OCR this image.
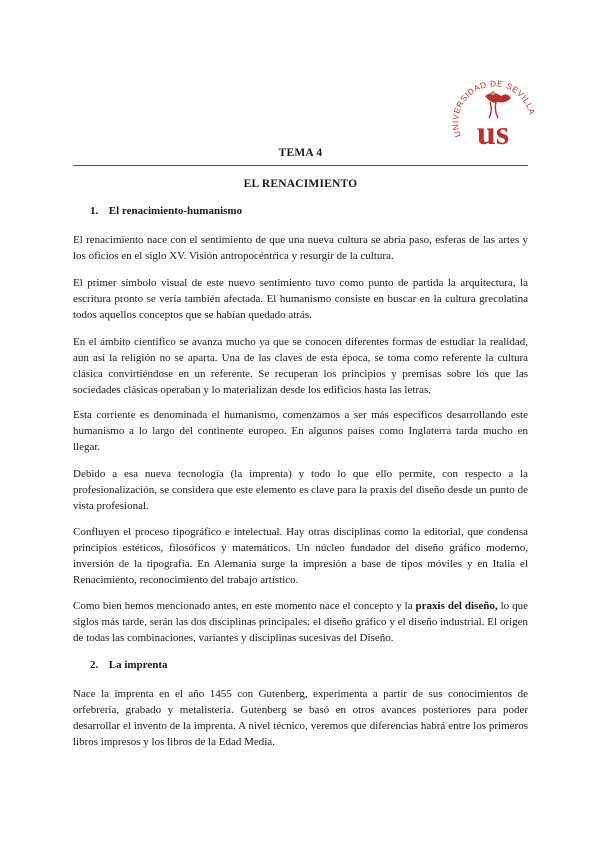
UNIVERSIDAD DE SEVILLA
us
TEMA 4
EL RENACIMIENTO
1. El renacimiento-humanismo

El renacimiento nace con el sentimiento de que una nueva cultura se abría paso, esferas de las artes y los oficios en el siglo XV. Visión antropocéntrica y resurgir de la cultura.

El primer símbolo visual de este nuevo sentimiento tuvo como punto de partida la arquitectura, la escritura pronto se vería también afectada. El humanismo consiste en buscar en la cultura grecolatina todos aquellos conceptos que se habían quedado atrás.

En el ámbito científico se avanza mucho ya que se conocen diferentes formas de estudiar la realidad, aun así la religión no se aparta. Una de las claves de esta época, se toma como referente la cultura clásica convirtiéndose en un referente. Se recuperan los principios y premisas sobre los que las sociedades clásicas operaban y lo materializan desde los edificios hasta las letras.

Esta corriente es denominada el humanismo, comenzamos a ser más específicos desarrollando este humanismo a lo largo del continente europeo. En algunos países como Inglaterra tarda mucho en llegar.

Debido a esa nueva tecnología (la imprenta) y todo lo que ello permite, con respecto a la profesionalización, se considera que este elemento es clave para la praxis del diseño desde un punto de vista profesional.

Confluyen el proceso tipográfico e intelectual. Hay otras disciplinas como la editorial, que condensa principios estéticos, filosóficos y matemáticos. Un núcleo fundador del diseño gráfico moderno, inversión de la tipografía. En Alemania surge la impresión a base de tipos móviles y en Italia el Renacimiento, reconocimiento del trabajo artístico.

Como bien hemos mencionado antes, en este momento nace el concepto y la praxis del diseño, lo que siglos más tarde, serán las dos disciplinas principales: el diseño gráfico y el diseño industrial. El origen de todas las combinaciones, variantes y disciplinas sucesivas del Diseño.

2. La imprenta

Nace la imprenta en el año 1455 con Gutenberg, experimenta a partir de sus conocimientos de orfebrería, grabado y metalistería. Gutenberg se basó en otros avances posteriores para poder desarrollar el invento de la imprenta. A nivel técnico, veremos que diferencias habrá entre los primeros libros impresos y los libros de la Edad Media.
